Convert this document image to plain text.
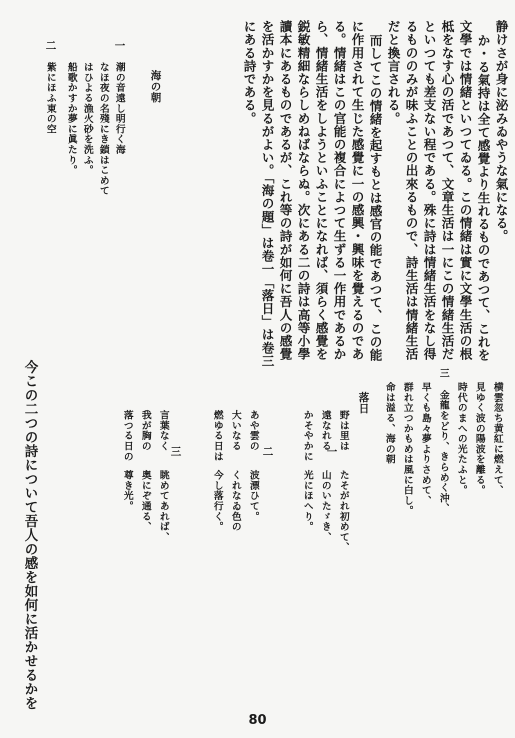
静けさが身に泌みゐやうな氣になる。
か・る氣持は全て感覺より生れるものであつて、これを
文學では情緒といつてゐる。この情緒は實に文學生活の根
柢をなす心の活であつて、文章生活は一にこの情緒生活だ
といつても差支ない程である。殊に詩は情緒生活をなし得
るもののみが味ふことの出來るもので、詩生活は情緒生活
だと換言される。
而してこの情緒を起すもとは感官の能であつて、この能
に作用されて生じた感覺に一の感興・興味を覺えるのであ
る。情緒はこの官能の複合によつて生ずる一作用であるか
ら、情緒生活をしようといふことになれば、須らく感覺を
鋭敏精細ならしめねばならぬ。次にある二の詩は高等小學
讀本にあるものであるが、これ等の詩が如何に吾人の感覺
を活かすかを見るがよい。「海の題」は卷一「落日」は卷三
にある詩である。
海の朝
一
潮の音遠し明行く海
なほ夜の名殘にき鎖はこめて
はひよる漁火砂を洗ふ。
船歌かすか夢に眞たり。
二
紫にほふ東の空
横雲忽ち黄紅に燃えて、
見ゆく波の陽波を離る。
時代のまへの光たふと。
三 金龍をどり、きらめく沖、
早くも島々夢よりさめて、
群れ立つかもめは風に白し。
命は溢る、海の朝
落日
一
野は里は
遠なれる
かそやかに
たそがれ初めて、
山のいたゞき、
光にほへり。
二
あや雲の
大いなる
燃ゆる日は
波漂ひて。
くれなゐ色の
今し落行く。
三
言葉なく
我が胸の
落つる日の
眺めてあれば、
奥にぞ通る、
尊き光。
今この二つの詩について吾人の感を如何に活かせるかを
80
